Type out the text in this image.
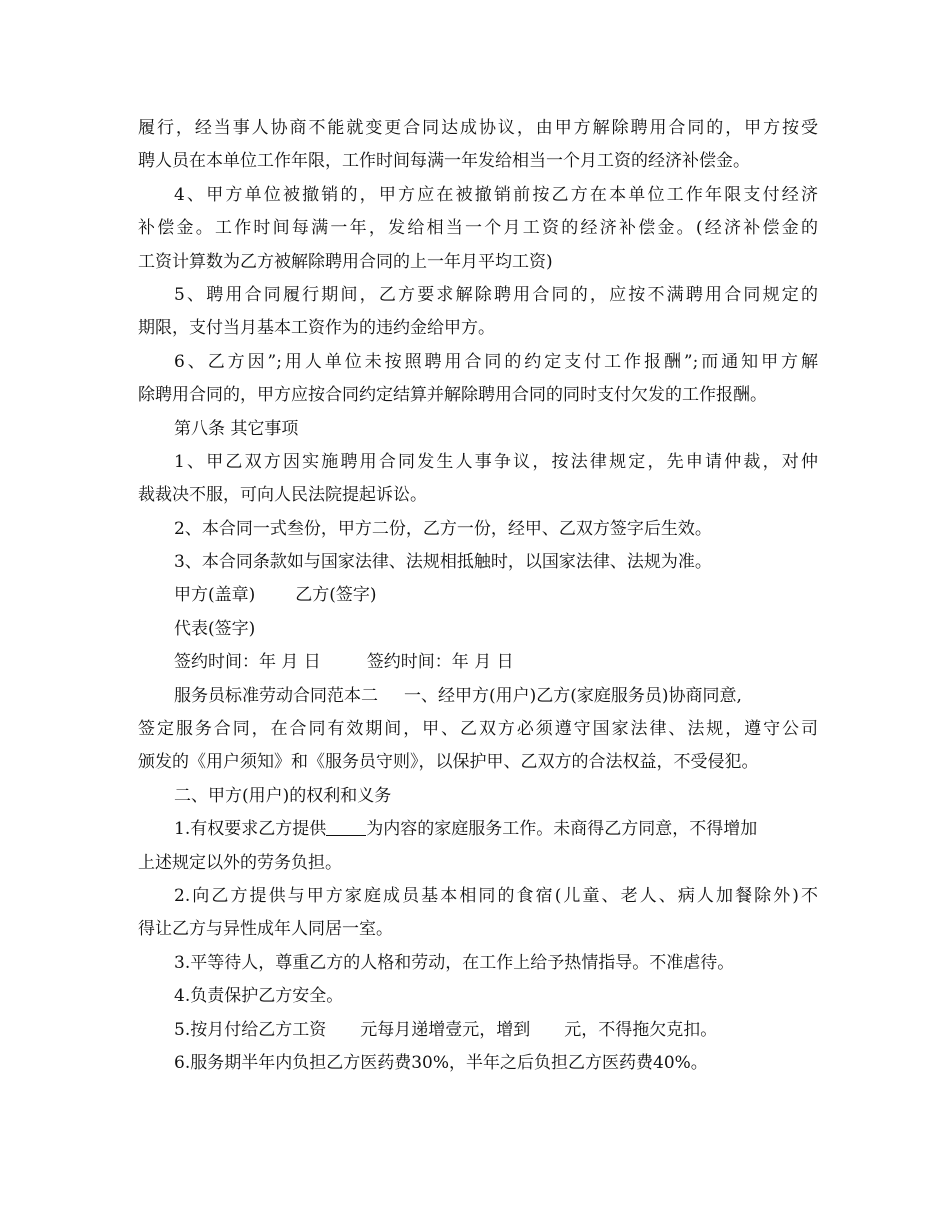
履行，经当事人协商不能就变更合同达成协议，由甲方解除聘用合同的，甲方按受
聘人员在本单位工作年限，工作时间每满一年发给相当一个月工资的经济补偿金。
4、甲方单位被撤销的，甲方应在被撤销前按乙方在本单位工作年限支付经济
补偿金。工作时间每满一年，发给相当一个月工资的经济补偿金。(经济补偿金的
工资计算数为乙方被解除聘用合同的上一年月平均工资)
5、聘用合同履行期间，乙方要求解除聘用合同的，应按不满聘用合同规定的
期限，支付当月基本工资作为的违约金给甲方。
6、乙方因”;用人单位未按照聘用合同的约定支付工作报酬”;而通知甲方解
除聘用合同的，甲方应按合同约定结算并解除聘用合同的同时支付欠发的工作报酬。
第八条 其它事项
1、甲乙双方因实施聘用合同发生人事争议，按法律规定，先申请仲裁，对仲
裁裁决不服，可向人民法院提起诉讼。
2、本合同一式叁份，甲方二份，乙方一份，经甲、乙双方签字后生效。
3、本合同条款如与国家法律、法规相抵触时，以国家法律、法规为准。
甲方(盖章) 乙方(签字)
代表(签字)
签约时间：年 月 日	签约时间：年 月 日
服务员标准劳动合同范本二 一、经甲方(用户)乙方(家庭服务员)协商同意,
签定服务合同，在合同有效期间，甲、乙双方必须遵守国家法律、法规，遵守公司
颁发的《用户须知》和《服务员守则》，以保护甲、乙双方的合法权益，不受侵犯。
二、甲方(用户)的权利和义务
1.有权要求乙方提供 为内容的家庭服务工作。未商得乙方同意，不得增加
上述规定以外的劳务负担。
2.向乙方提供与甲方家庭成员基本相同的食宿(儿童、老人、病人加餐除外)不
得让乙方与异性成年人同居一室。
3.平等待人，尊重乙方的人格和劳动，在工作上给予热情指导。不准虐待。
4.负责保护乙方安全。
5.按月付给乙方工资 元每月递增壹元，增到 元，不得拖欠克扣。
6.服务期半年内负担乙方医药费30%，半年之后负担乙方医药费40%。
